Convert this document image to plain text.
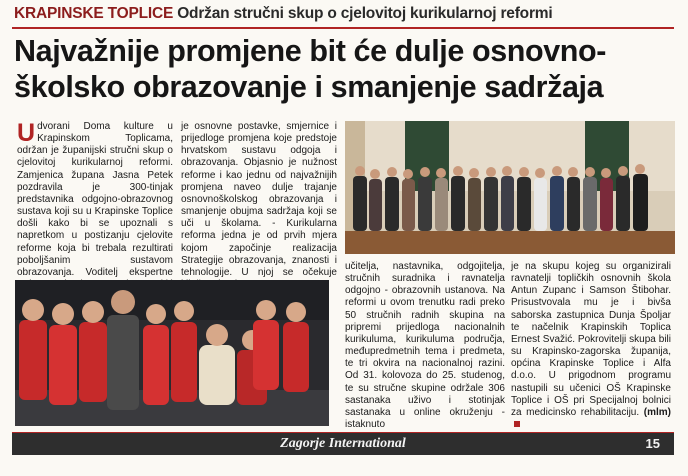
KRAPINSKE TOPLICE Održan stručni skup o cjelovitoj kurikularnoj reformi
Najvažnije promjene bit će dulje osnovno-školsko obrazovanje i smanjenje sadržaja

Udvorani Doma kulture u Krapinskom Toplicama, održan je županijski stručni skup o cjelovitoj kurikularnoj reformi. Zamjenica župana Jasna Petek pozdravila je 300-tinjak predstavnika odgojno-obrazovnog sustava koji su u Krapinske Toplice došli kako bi se upoznali s napretkom u postizanju cjelovite reforme koja bi trebala rezultirati poboljšanim sustavom obrazovanja. Voditelj ekspertne

je osnovne postavke, smjernice i prijedloge promjena koje predstoje hrvatskom sustavu odgoja i obrazovanja. Objasnio je nužnost reforme i kao jednu od najvažnijih promjena naveo dulje trajanje osnovnoškolskog obrazovanja i smanjenje obujma sadržaja koji se uči u školama. - Kurikularna reforma jedna je od prvih mjera kojom započinje realizacija Strategije obrazovanja, znanosti i tehnologije. U njoj se očekuje

učitelja, nastavnika, odgojitelja, stručnih suradnika i ravnatelja odgojno - obrazovnih ustanova. Na reformi u ovom trenutku radi preko 50 stručnih radnih skupina na pripremi prijedloga nacionalnih kurikuluma, kurikuluma područja, međupredmetnih tema i predmeta, te tri okvira na nacionalnoj razini. Od 31. kolovoza do 25. studenog, te su stručne skupine održale 306 sastanaka uživo i stotinjak sastanaka u online okruženju - istaknuto

je na skupu kojeg su organizirali ravnatelji topličkih osnovnih škola Antun Zupanc i Samson Štibohar. Prisustvovala mu je i bivša saborska zastupnica Dunja Špoljar te načelnik Krapinskih Toplica Ernest Svažić. Pokrovitelji skupa bili su Krapinsko-zagorska županija, općina Krapinske Toplice i Alfa d.o.o. U prigodnom programu nastupili su učenici OŠ Krapinske Toplice i OŠ pri Specijalnoj bolnici za medicinsko rehabilitaciju. (mlm)

Zagorje International	15
